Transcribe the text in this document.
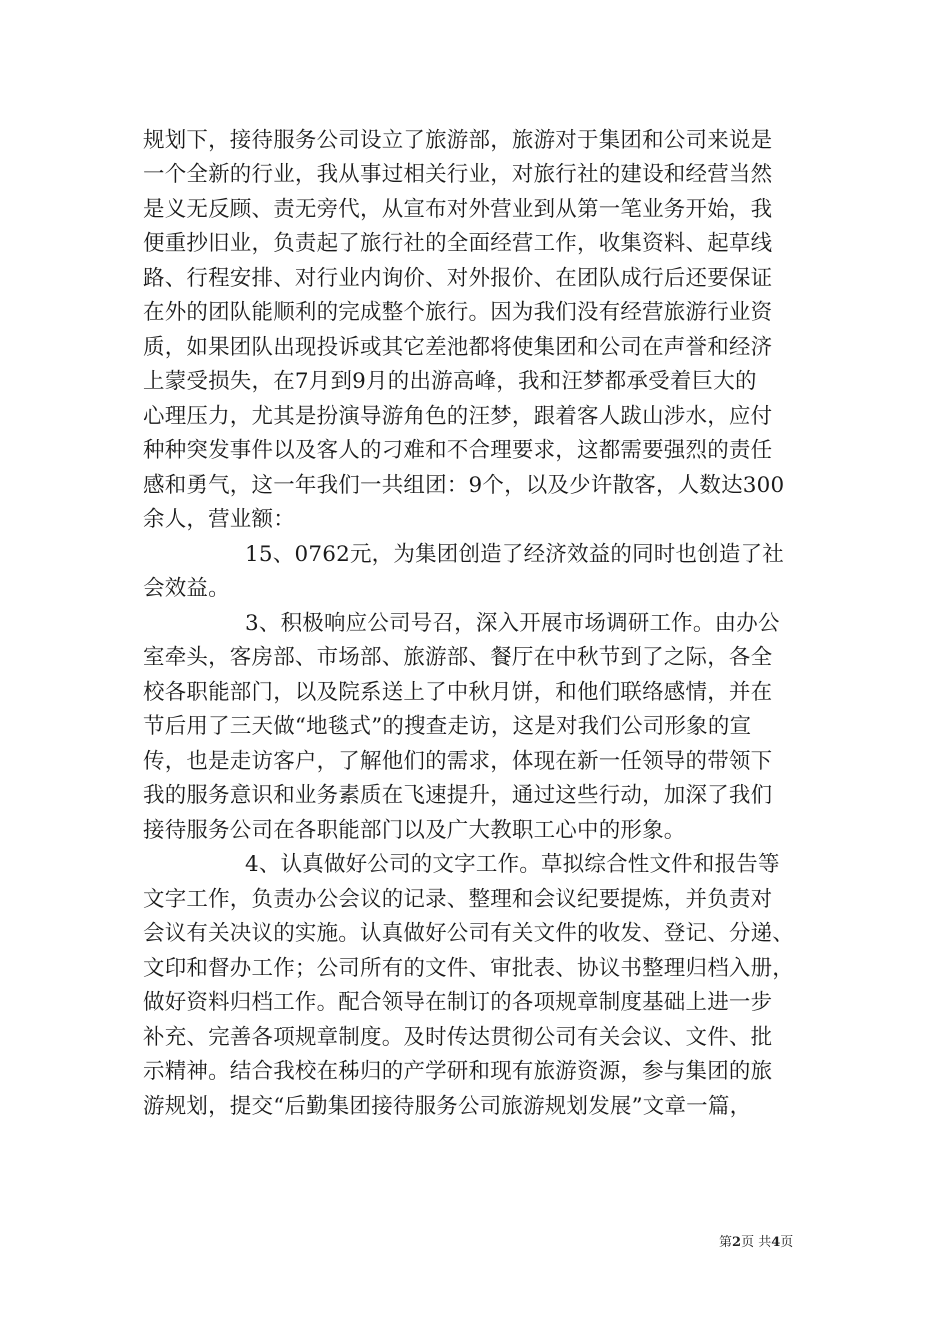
规划下，接待服务公司设立了旅游部，旅游对于集团和公司来说是
一个全新的行业，我从事过相关行业，对旅行社的建设和经营当然
是义无反顾、责无旁代，从宣布对外营业到从第一笔业务开始，我
便重抄旧业，负责起了旅行社的全面经营工作，收集资料、起草线
路、行程安排、对行业内询价、对外报价、在团队成行后还要保证
在外的团队能顺利的完成整个旅行。因为我们没有经营旅游行业资
质，如果团队出现投诉或其它差池都将使集团和公司在声誉和经济
上蒙受损失，在7月到9月的出游高峰，我和汪梦都承受着巨大的
心理压力，尤其是扮演导游角色的汪梦，跟着客人跋山涉水，应付
种种突发事件以及客人的刁难和不合理要求，这都需要强烈的责任
感和勇气，这一年我们一共组团：9个，以及少许散客，人数达300
余人，营业额：
15、0762元，为集团创造了经济效益的同时也创造了社
会效益。
3、积极响应公司号召，深入开展市场调研工作。由办公
室牵头，客房部、市场部、旅游部、餐厅在中秋节到了之际，各全
校各职能部门，以及院系送上了中秋月饼，和他们联络感情，并在
节后用了三天做“地毯式”的搜查走访，这是对我们公司形象的宣
传，也是走访客户，了解他们的需求，体现在新一任领导的带领下
我的服务意识和业务素质在飞速提升，通过这些行动，加深了我们
接待服务公司在各职能部门以及广大教职工心中的形象。
4、认真做好公司的文字工作。草拟综合性文件和报告等
文字工作，负责办公会议的记录、整理和会议纪要提炼，并负责对
会议有关决议的实施。认真做好公司有关文件的收发、登记、分递、
文印和督办工作；公司所有的文件、审批表、协议书整理归档入册，
做好资料归档工作。配合领导在制订的各项规章制度基础上进一步
补充、完善各项规章制度。及时传达贯彻公司有关会议、文件、批
示精神。结合我校在秭归的产学研和现有旅游资源，参与集团的旅
游规划，提交“后勤集团接待服务公司旅游规划发展”文章一篇，
第2页 共4页
